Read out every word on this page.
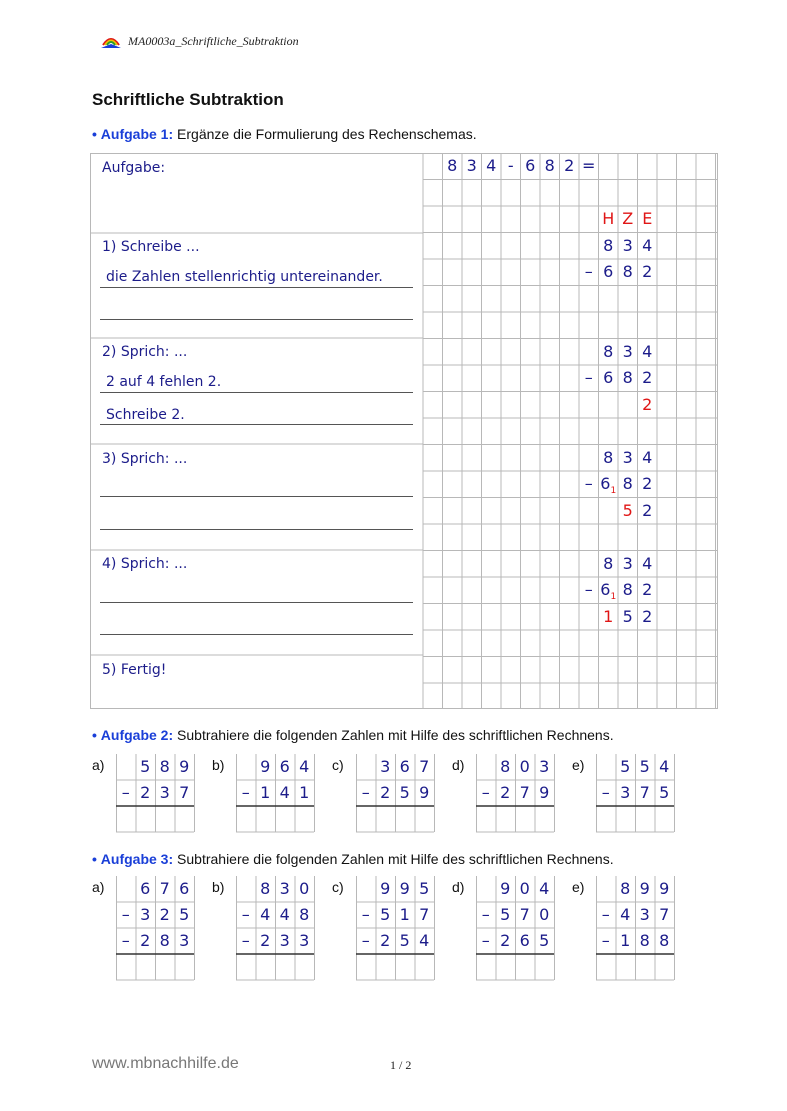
MA0003a_Schriftliche_Subtraktion
Schriftliche Subtraktion
• Aufgabe 1: Ergänze die Formulierung des Rechenschemas.
Aufgabe:
1) Schreibe ...
die Zahlen stellenrichtig untereinander.
2) Sprich: ...
2 auf 4 fehlen 2.
Schreibe 2.
3) Sprich: ...
4) Sprich: ...
5) Fertig!
8 3 4 - 6 8 2 =
H Z E
8 3 4
– 6 8 2
8 3 4
– 6 8 2
2
8 3 4
– $6_1$ 8 2
5 2
8 3 4
– $6_1$ 8 2
1 5 2
• Aufgabe 2: Subtrahiere die folgenden Zahlen mit Hilfe des schriftlichen Rechnens.
a) 5 8 9
– 2 3 7
b) 9 6 4
– 1 4 1
c) 3 6 7
– 2 5 9
d) 8 0 3
– 2 7 9
e) 5 5 4
– 3 7 5
• Aufgabe 3: Subtrahiere die folgenden Zahlen mit Hilfe des schriftlichen Rechnens.
a) 6 7 6
– 3 2 5
– 2 8 3
b) 8 3 0
– 4 4 8
– 2 3 3
c) 9 9 5
– 5 1 7
– 2 5 4
d) 9 0 4
– 5 7 0
– 2 6 5
e) 8 9 9
– 4 3 7
– 1 8 8
www.mbnachhilfe.de	1 / 2
